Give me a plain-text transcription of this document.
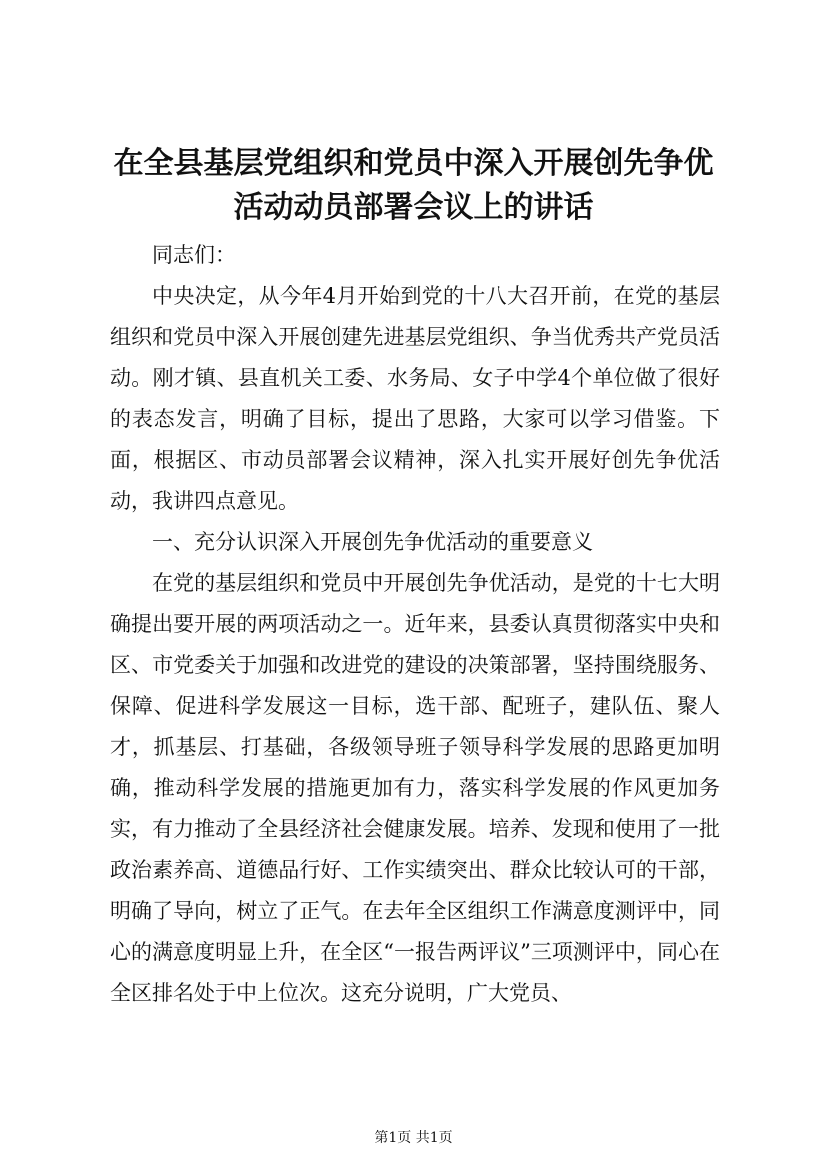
在全县基层党组织和党员中深入开展创先争优
活动动员部署会议上的讲话

同志们：

中央决定，从今年4月开始到党的十八大召开前，在党的基层组织和党员中深入开展创建先进基层党组织、争当优秀共产党员活动。刚才镇、县直机关工委、水务局、女子中学4个单位做了很好的表态发言，明确了目标，提出了思路，大家可以学习借鉴。下面，根据区、市动员部署会议精神，深入扎实开展好创先争优活动，我讲四点意见。

一、充分认识深入开展创先争优活动的重要意义

在党的基层组织和党员中开展创先争优活动，是党的十七大明确提出要开展的两项活动之一。近年来，县委认真贯彻落实中央和区、市党委关于加强和改进党的建设的决策部署，坚持围绕服务、保障、促进科学发展这一目标，选干部、配班子，建队伍、聚人才，抓基层、打基础，各级领导班子领导科学发展的思路更加明确，推动科学发展的措施更加有力，落实科学发展的作风更加务实，有力推动了全县经济社会健康发展。培养、发现和使用了一批政治素养高、道德品行好、工作实绩突出、群众比较认可的干部，明确了导向，树立了正气。在去年全区组织工作满意度测评中，同心的满意度明显上升，在全区“一报告两评议”三项测评中，同心在全区排名处于中上位次。这充分说明，广大党员、

第1页 共1页
